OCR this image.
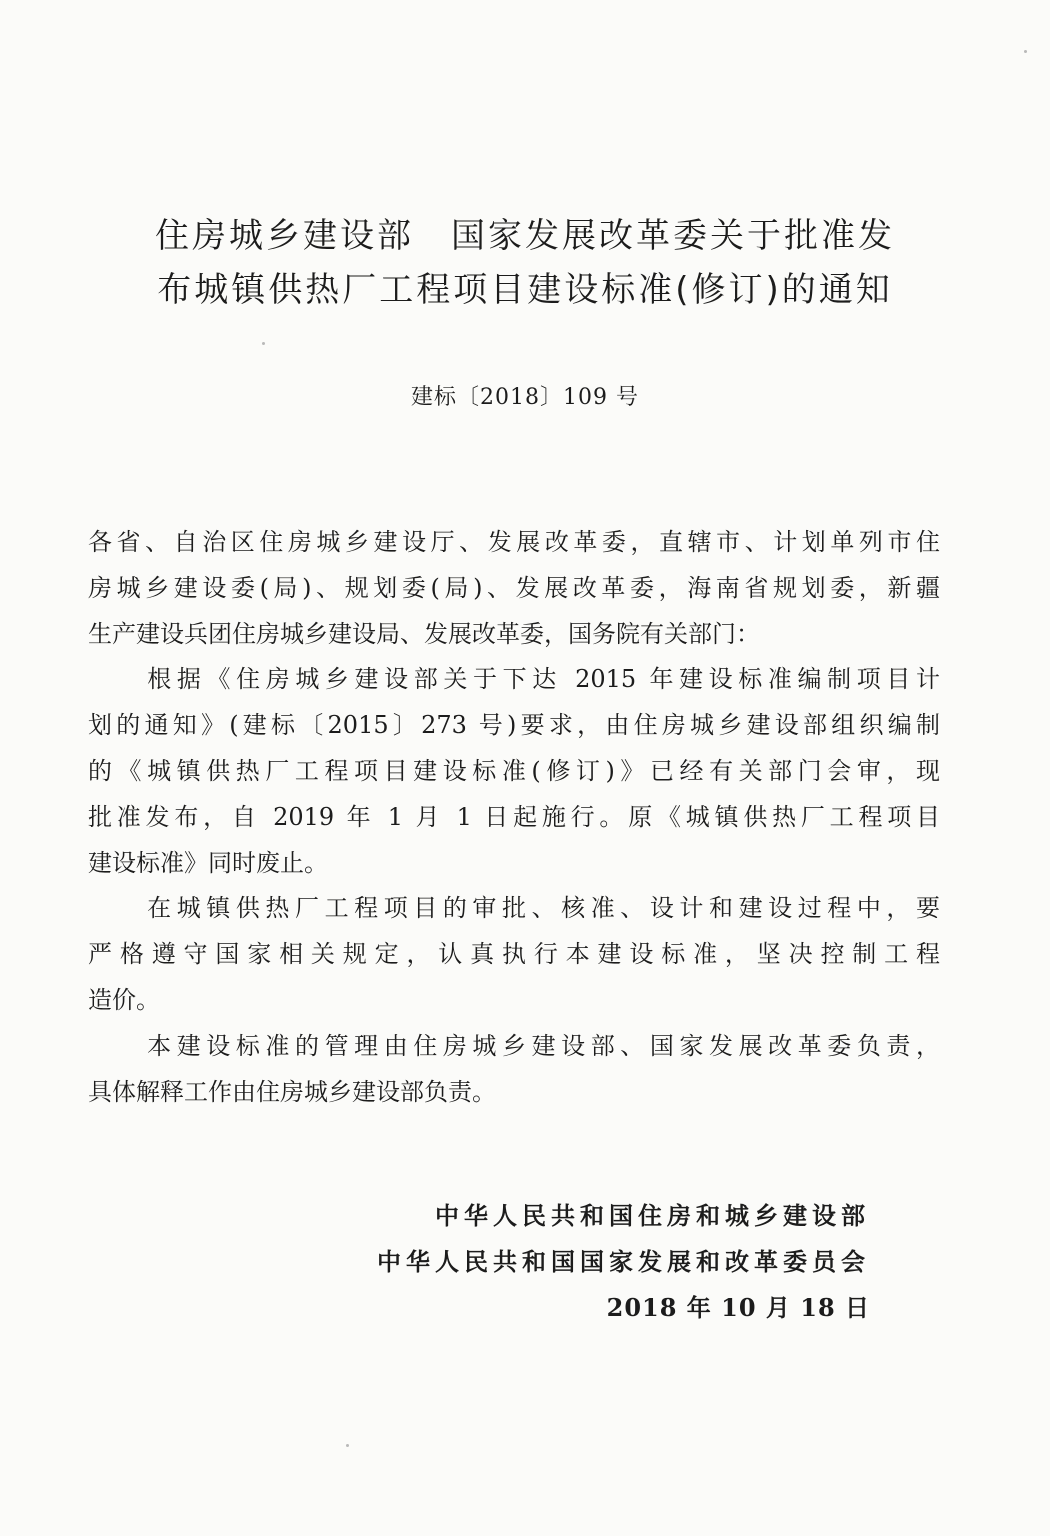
住房城乡建设部　国家发展改革委关于批准发
布城镇供热厂工程项目建设标准(修订)的通知
建标〔2018〕109 号
各省、自治区住房城乡建设厅、发展改革委，直辖市、计划单列市住
房城乡建设委(局)、规划委(局)、发展改革委，海南省规划委，新疆
生产建设兵团住房城乡建设局、发展改革委，国务院有关部门：
　　根据《住房城乡建设部关于下达 2015 年建设标准编制项目计
划的通知》(建标〔2015〕273 号)要求，由住房城乡建设部组织编制
的《城镇供热厂工程项目建设标准(修订)》已经有关部门会审，现
批准发布，自 2019 年 1 月 1 日起施行。原《城镇供热厂工程项目
建设标准》同时废止。
　　在城镇供热厂工程项目的审批、核准、设计和建设过程中，要
严格遵守国家相关规定，认真执行本建设标准，坚决控制工程
造价。
　　本建设标准的管理由住房城乡建设部、国家发展改革委负责，
具体解释工作由住房城乡建设部负责。
中华人民共和国住房和城乡建设部
中华人民共和国国家发展和改革委员会
2018 年 10 月 18 日
